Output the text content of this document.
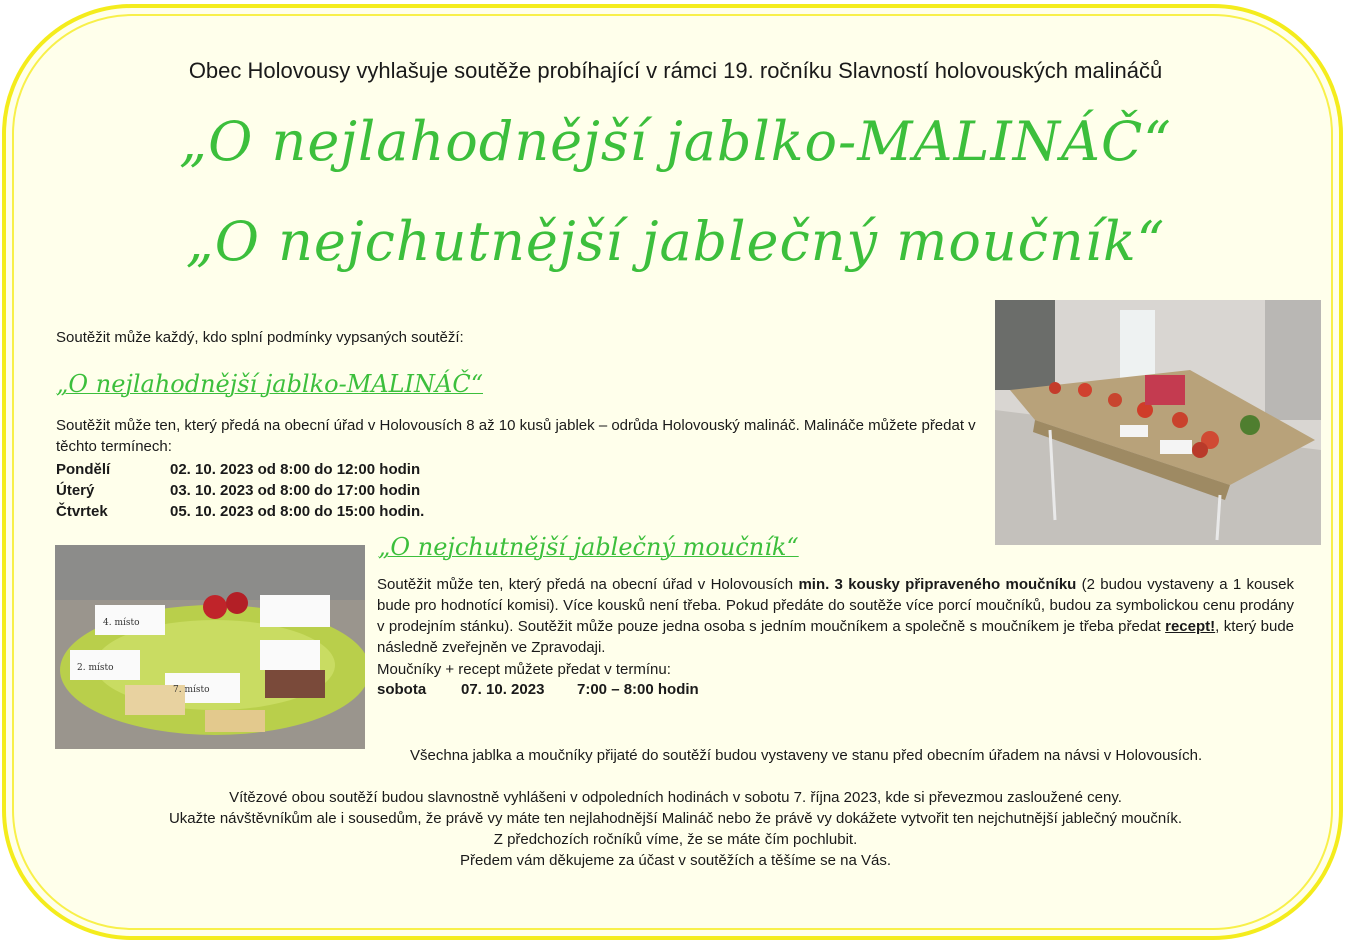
Obec Holovousy vyhlašuje soutěže probíhající v rámci 19. ročníku Slavností holovouských malináčů
„O nejlahodnější jablko-MALINÁČ“
„O nejchutnější jablečný moučník“
Soutěžit může každý, kdo splní podmínky vypsaných soutěží:
„O nejlahodnější jablko-MALINÁČ“
Soutěžit může ten, který předá na obecní úřad v Holovousích 8 až 10 kusů jablek – odrůda Holovouský malináč. Malináče můžete předat v těchto termínech:
Pondělí	02. 10. 2023 od 8:00 do 12:00 hodin
Úterý	03. 10. 2023 od 8:00 do 17:00 hodin
Čtvrtek	05. 10. 2023 od 8:00 do 15:00 hodin.
4. místo
2. místo
7. místo
„O nejchutnější jablečný moučník“
Soutěžit může ten, který předá na obecní úřad v Holovousích min. 3 kousky připraveného moučníku (2 budou vystaveny a 1 kousek bude pro hodnotící komisi). Více kousků není třeba. Pokud předáte do soutěže více porcí moučníků, budou za symbolickou cenu prodány v prodejním stánku). Soutěžit může pouze jedna osoba s jedním moučníkem a společně s moučníkem je třeba předat recept!, který bude následně zveřejněn ve Zpravodaji.
Moučníky + recept můžete předat v termínu:
sobota 07. 10. 2023 7:00 – 8:00 hodin
Všechna jablka a moučníky přijaté do soutěží budou vystaveny ve stanu před obecním úřadem na návsi v Holovousích.
Vítězové obou soutěží budou slavnostně vyhlášeni v odpoledních hodinách v sobotu 7. října 2023, kde si převezmou zasloužené ceny.
Ukažte návštěvníkům ale i sousedům, že právě vy máte ten nejlahodnější Malináč nebo že právě vy dokážete vytvořit ten nejchutnější jablečný moučník.
Z předchozích ročníků víme, že se máte čím pochlubit.
Předem vám děkujeme za účast v soutěžích a těšíme se na Vás.
